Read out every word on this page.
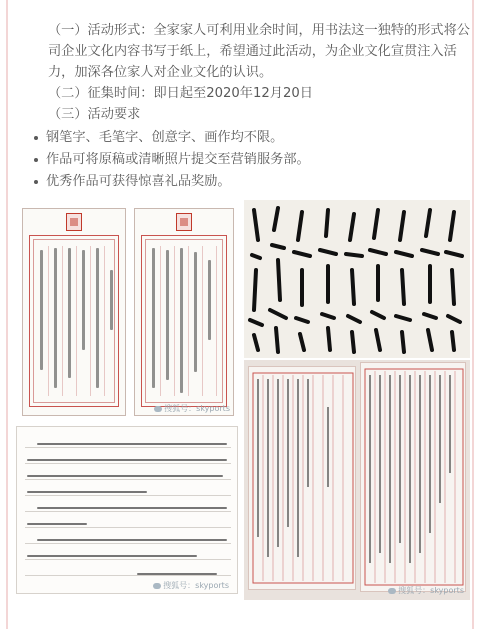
（一）活动形式：全家家人可利用业余时间，用书法这一独特的形式将公司企业文化内容书写于纸上，希望通过此活动，为企业文化宣贯注入活力，加深各位家人对企业文化的认识。

（二）征集时间：即日起至2020年12月20日

（三）活动要求

钢笔字、毛笔字、创意字、画作均不限。
作品可将原稿或清晰照片提交至营销服务部。
优秀作品可获得惊喜礼品奖励。
搜狐号：skyports
搜狐号：skyports
搜狐号：skyports
